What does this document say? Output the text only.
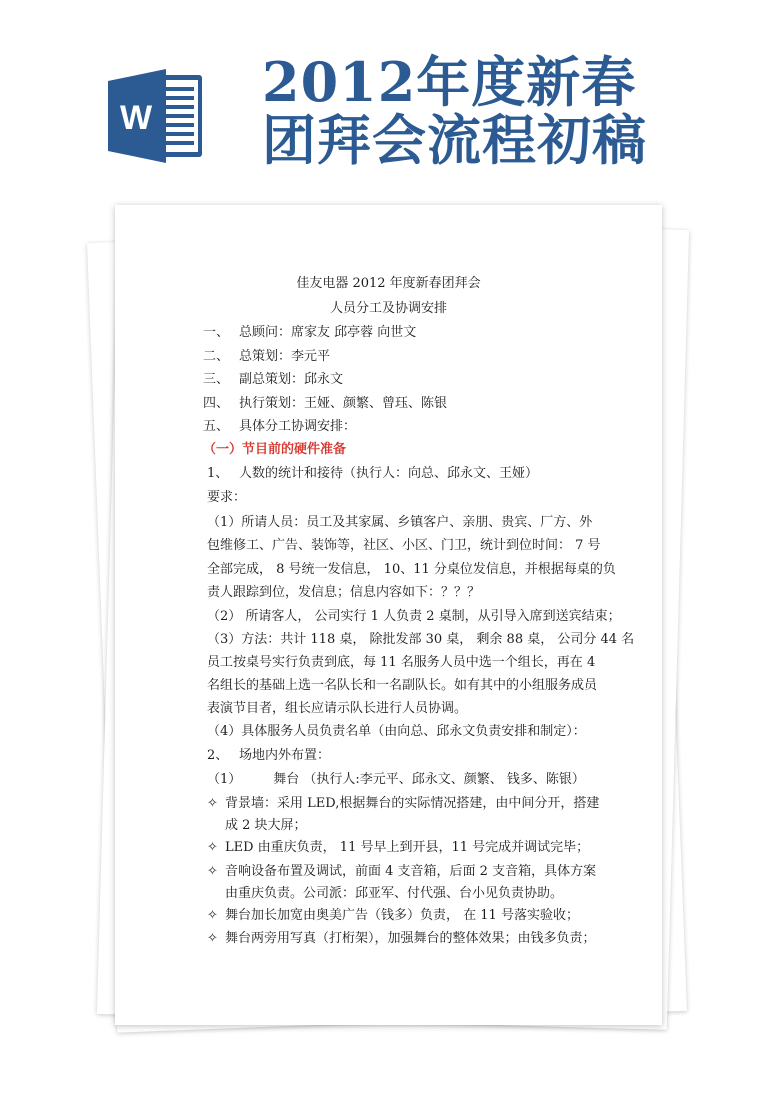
W
2012年度新春
团拜会流程初稿
佳友电器 2012 年度新春团拜会
人员分工及协调安排
一、 总顾问：席家友 邱亭蓉 向世文
二、 总策划：李元平
三、 副总策划：邱永文
四、 执行策划：王娅、颜繁、曾珏、陈银
五、 具体分工协调安排：
（一）节目前的硬件准备
1、 人数的统计和接待（执行人：向总、邱永文、王娅）
要求：
（1）所请人员：员工及其家属、乡镇客户、亲朋、贵宾、厂方、外
包维修工、广告、装饰等，社区、小区、门卫，统计到位时间： 7 号
全部完成， 8 号统一发信息， 10、11 分桌位发信息，并根据每桌的负
责人跟踪到位，发信息；信息内容如下：？？？
（2） 所请客人， 公司实行 1 人负责 2 桌制，从引导入席到送宾结束；
（3）方法：共计 118 桌， 除批发部 30 桌， 剩余 88 桌， 公司分 44 名
员工按桌号实行负责到底，每 11 名服务人员中选一个组长，再在 4
名组长的基础上选一名队长和一名副队长。如有其中的小组服务成员
表演节目者，组长应请示队长进行人员协调。
（4）具体服务人员负责名单（由向总、邱永文负责安排和制定）：
2、 场地内外布置：
（1） 舞台 （执行人:李元平、邱永文、颜繁、 钱多、陈银）
✧ 背景墙：采用 LED,根据舞台的实际情况搭建，由中间分开，搭建
成 2 块大屏；
✧ LED 由重庆负责， 11 号早上到开县，11 号完成并调试完毕；
✧ 音响设备布置及调试，前面 4 支音箱，后面 2 支音箱，具体方案
由重庆负责。公司派：邱亚军、付代强、台小见负责协助。
✧ 舞台加长加宽由奥美广告（钱多）负责， 在 11 号落实验收；
✧ 舞台两旁用写真（打桁架），加强舞台的整体效果；由钱多负责；
